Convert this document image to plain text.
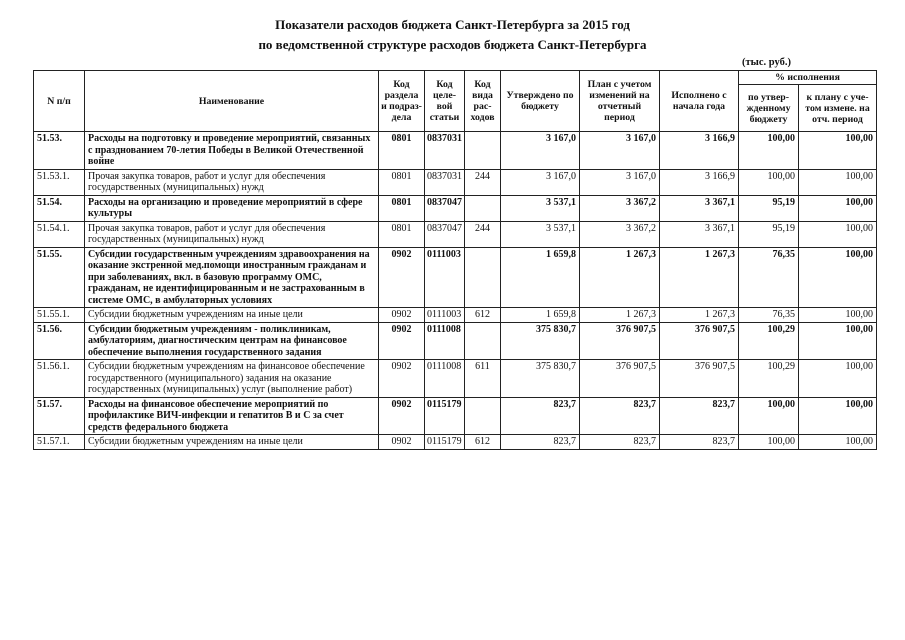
Показатели расходов бюджета Санкт-Петербурга за 2015 год
по ведомственной структуре расходов бюджета Санкт-Петербурга
(тыс. руб.)
N п/п	Наименование	Код раздела и подраз-дела	Код целе-вой статьи	Код вида рас-ходов	Утверждено по бюджету	План с учетом изменений на отчетный период	Исполнено с начала года	% исполнения	
								по утвер-жденному бюджету	к плану с уче-том измене. на отч. период
51.53.	Расходы на подготовку и проведение мероприятий, связанных с празднованием 70-летия Победы в Великой Отечественной войне	0801	0837031		3 167,0	3 167,0	3 166,9	100,00	100,00
51.53.1.	Прочая закупка товаров, работ и услуг для обеспечения государственных (муниципальных) нужд	0801	0837031	244	3 167,0	3 167,0	3 166,9	100,00	100,00
51.54.	Расходы на организацию и проведение мероприятий в сфере культуры	0801	0837047		3 537,1	3 367,2	3 367,1	95,19	100,00
51.54.1.	Прочая закупка товаров, работ и услуг для обеспечения государственных (муниципальных) нужд	0801	0837047	244	3 537,1	3 367,2	3 367,1	95,19	100,00
51.55.	Субсидии государственным учреждениям здравоохранения на оказание экстренной мед.помощи иностранным гражданам и при заболеваниях, вкл. в базовую программу ОМС, гражданам, не идентифицированным и не застрахованным в системе ОМС, в амбулаторных условиях	0902	0111003		1 659,8	1 267,3	1 267,3	76,35	100,00
51.55.1.	Субсидии бюджетным учреждениям на иные цели	0902	0111003	612	1 659,8	1 267,3	1 267,3	76,35	100,00
51.56.	Субсидии бюджетным учреждениям - поликлиникам, амбулаториям, диагностическим центрам на финансовое обеспечение выполнения государственного задания	0902	0111008		375 830,7	376 907,5	376 907,5	100,29	100,00
51.56.1.	Субсидии бюджетным учреждениям на финансовое обеспечение государственного (муниципального) задания на оказание государственных (муниципальных) услуг (выполнение работ)	0902	0111008	611	375 830,7	376 907,5	376 907,5	100,29	100,00
51.57.	Расходы на финансовое обеспечение мероприятий по профилактике ВИЧ-инфекции и гепатитов В и С за счет средств федерального бюджета	0902	0115179		823,7	823,7	823,7	100,00	100,00
51.57.1.	Субсидии бюджетным учреждениям на иные цели	0902	0115179	612	823,7	823,7	823,7	100,00	100,00
